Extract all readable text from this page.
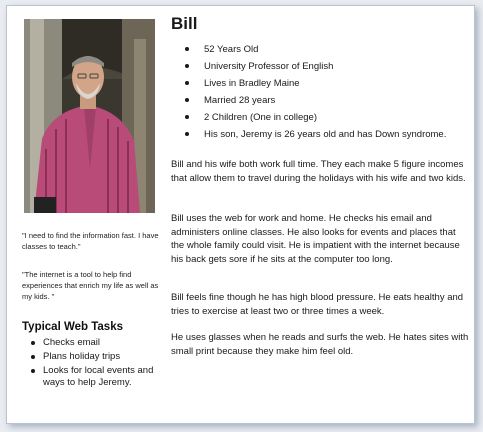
"I need to find the information fast. I have classes to teach."

"The internet is a tool to help find experiences that enrich my life as well as my kids. "

Typical Web Tasks
Checks email
Plans holiday trips
Looks for local events and ways to help Jeremy.
Bill
52 Years Old
University Professor of English
Lives in Bradley Maine
Married 28 years
2 Children (One in college)
His son, Jeremy is 26 years old and has Down syndrome.

Bill and his wife both work full time. They each make 5 figure incomes that allow them to travel during the holidays with his wife and two kids.

Bill uses the web for work and home. He checks his email and administers online classes. He also looks for events and places that the whole family could visit. He is impatient with the internet because his back gets sore if he sits at the computer too long.

Bill feels fine though he has high blood pressure. He eats healthy and tries to exercise at least two or three times a week.

He uses glasses when he reads and surfs the web. He hates sites with small print because they make him feel old.
